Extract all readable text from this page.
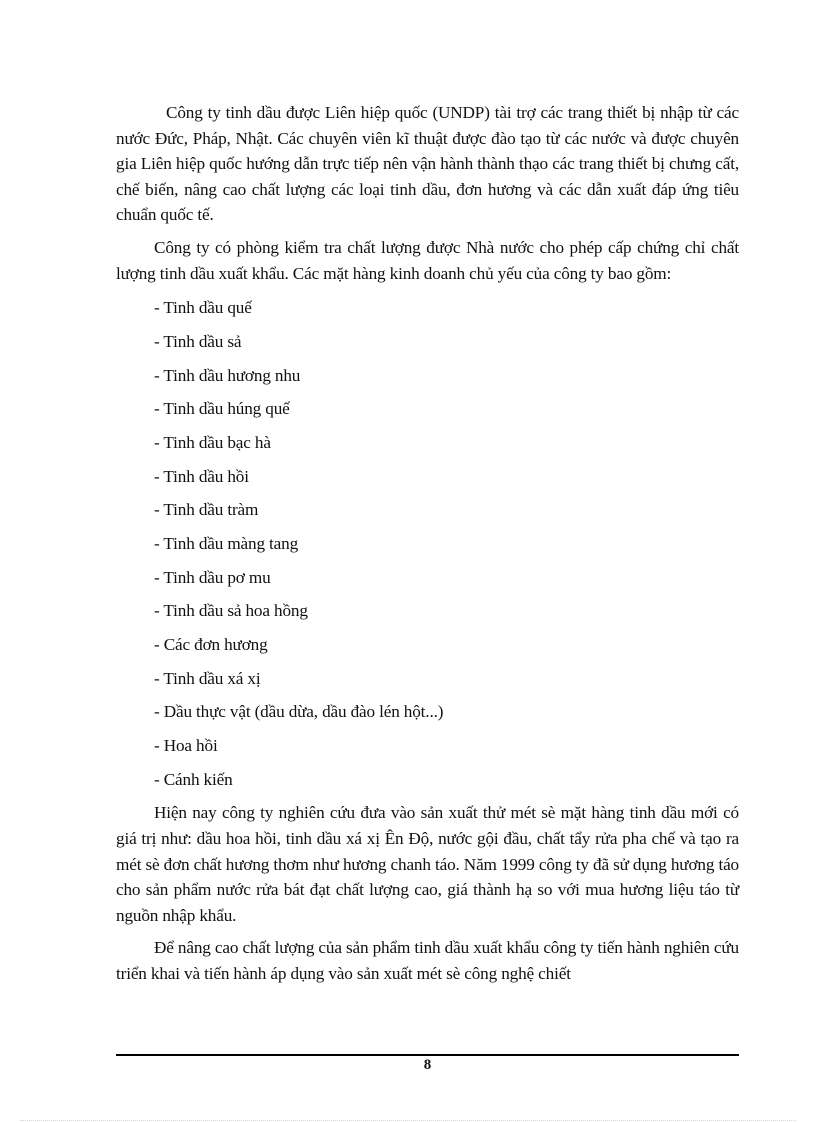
Công ty tinh dầu được Liên hiệp quốc (UNDP) tài trợ các trang thiết bị nhập từ các nước Đức, Pháp, Nhật. Các chuyên viên kĩ thuật được đào tạo từ các nước và được chuyên gia Liên hiệp quốc hướng dẫn trực tiếp nên vận hành thành thạo các trang thiết bị chưng cất, chế biến, nâng cao chất lượng các loại tinh dầu, đơn hương và các dẫn xuất đáp ứng tiêu chuẩn quốc tế.

Công ty có phòng kiểm tra chất lượng được Nhà nước cho phép cấp chứng chỉ chất lượng tinh dầu xuất khẩu. Các mặt hàng kinh doanh chủ yếu của công ty bao gồm:

- Tinh dầu quế
- Tinh dầu sả
- Tinh dầu hương nhu
- Tinh dầu húng quế
- Tinh dầu bạc hà
- Tinh dầu hồi
- Tinh dầu tràm
- Tinh dầu màng tang
- Tinh dầu pơ mu
- Tinh dầu sả hoa hồng
- Các đơn hương
- Tinh dầu xá xị
- Dầu thực vật (dầu dừa, dầu đào lén hột...)
- Hoa hồi
- Cánh kiến

Hiện nay công ty nghiên cứu đưa vào sản xuất thử mét sè mặt hàng tinh dầu mới có giá trị như: dầu hoa hồi, tinh dầu xá xị Ên Độ, nước gội đầu, chất tẩy rửa pha chế và tạo ra mét sè đơn chất hương thơm như hương chanh táo. Năm 1999 công ty đã sử dụng hương táo cho sản phẩm nước rửa bát đạt chất lượng cao, giá thành hạ so với mua hương liệu táo từ nguồn nhập khẩu.

Để nâng cao chất lượng của sản phẩm tinh dầu xuất khẩu công ty tiến hành nghiên cứu triển khai và tiến hành áp dụng vào sản xuất mét sè công nghệ chiết

8
